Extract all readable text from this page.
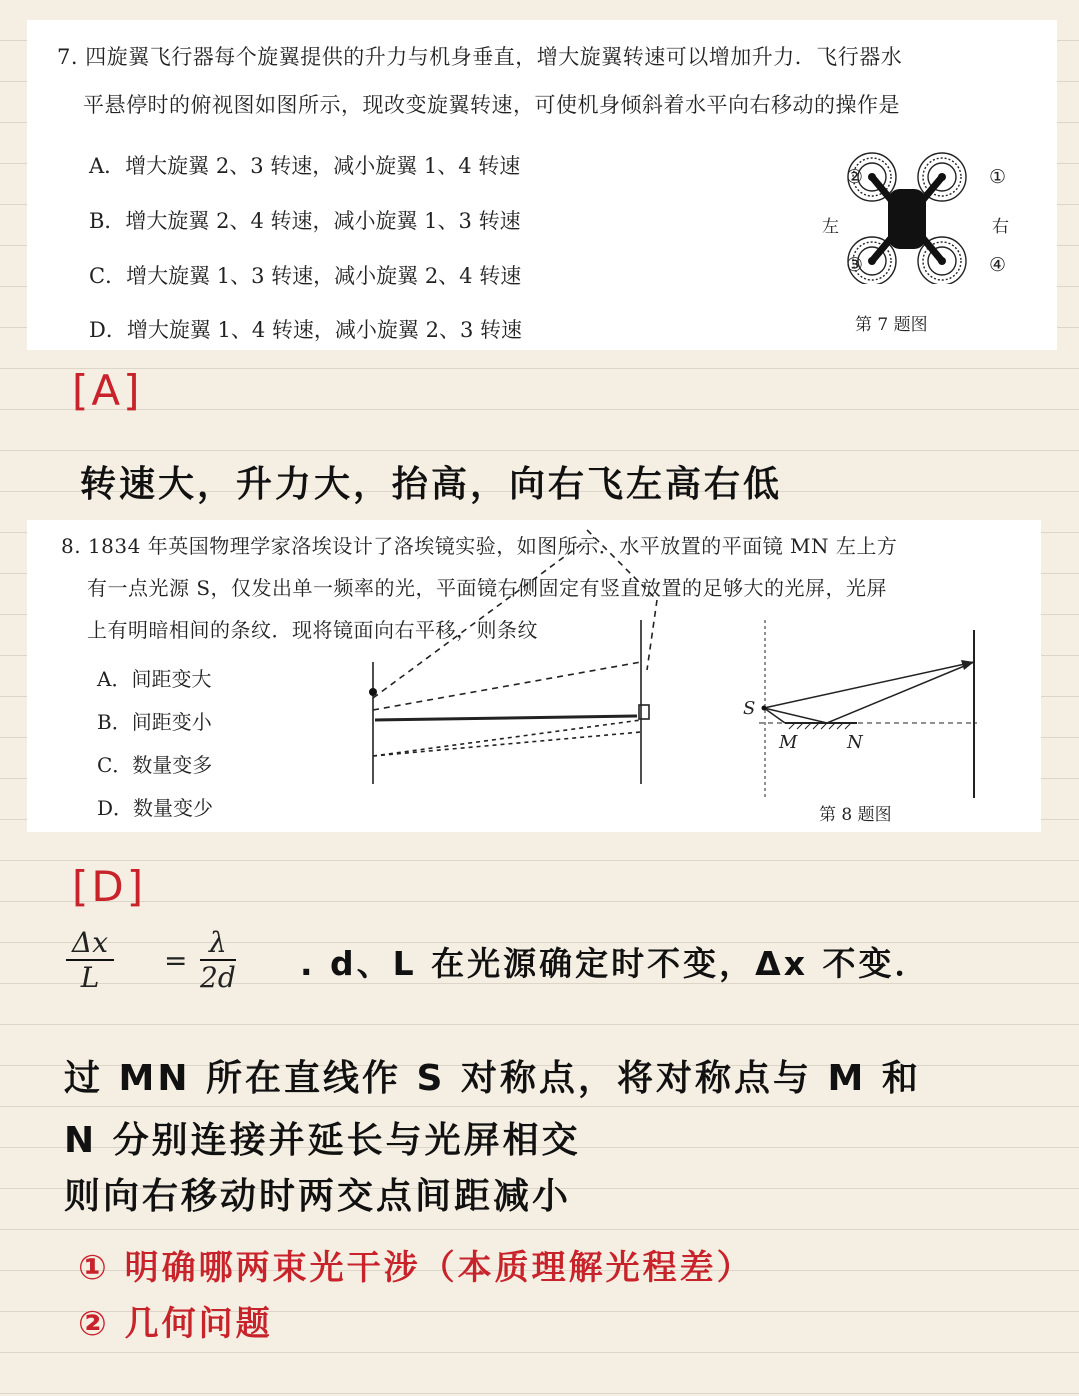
7. 四旋翼飞行器每个旋翼提供的升力与机身垂直，增大旋翼转速可以增加升力．飞行器水
平悬停时的俯视图如图所示，现改变旋翼转速，可使机身倾斜着水平向右移动的操作是
A．增大旋翼 2、3 转速，减小旋翼 1、4 转速
B．增大旋翼 2、4 转速，减小旋翼 1、3 转速
C．增大旋翼 1、3 转速，减小旋翼 2、4 转速
D．增大旋翼 1、4 转速，减小旋翼 2、3 转速
②	①
③	④
左	右
第 7 题图
[A]
转速大，升力大，抬高，向右飞左高右低
8. 1834 年英国物理学家洛埃设计了洛埃镜实验，如图所示．水平放置的平面镜 MN 左上方
有一点光源 S，仅发出单一频率的光，平面镜右侧固定有竖直放置的足够大的光屏，光屏
上有明暗相间的条纹．现将镜面向右平移，则条纹
A．间距变大
B．间距变小
C．数量变多
D．数量变少
S
M	N
第 8 题图
[D]
$\frac{\Delta x}{L} = \frac{\lambda}{2d}$ . d、L 在光源确定时不变，Δx 不变．
过 MN 所在直线作 S 对称点，将对称点与 M 和
N 分别连接并延长与光屏相交
则向右移动时两交点间距减小
① 明确哪两束光干涉（本质理解光程差）
② 几何问题
